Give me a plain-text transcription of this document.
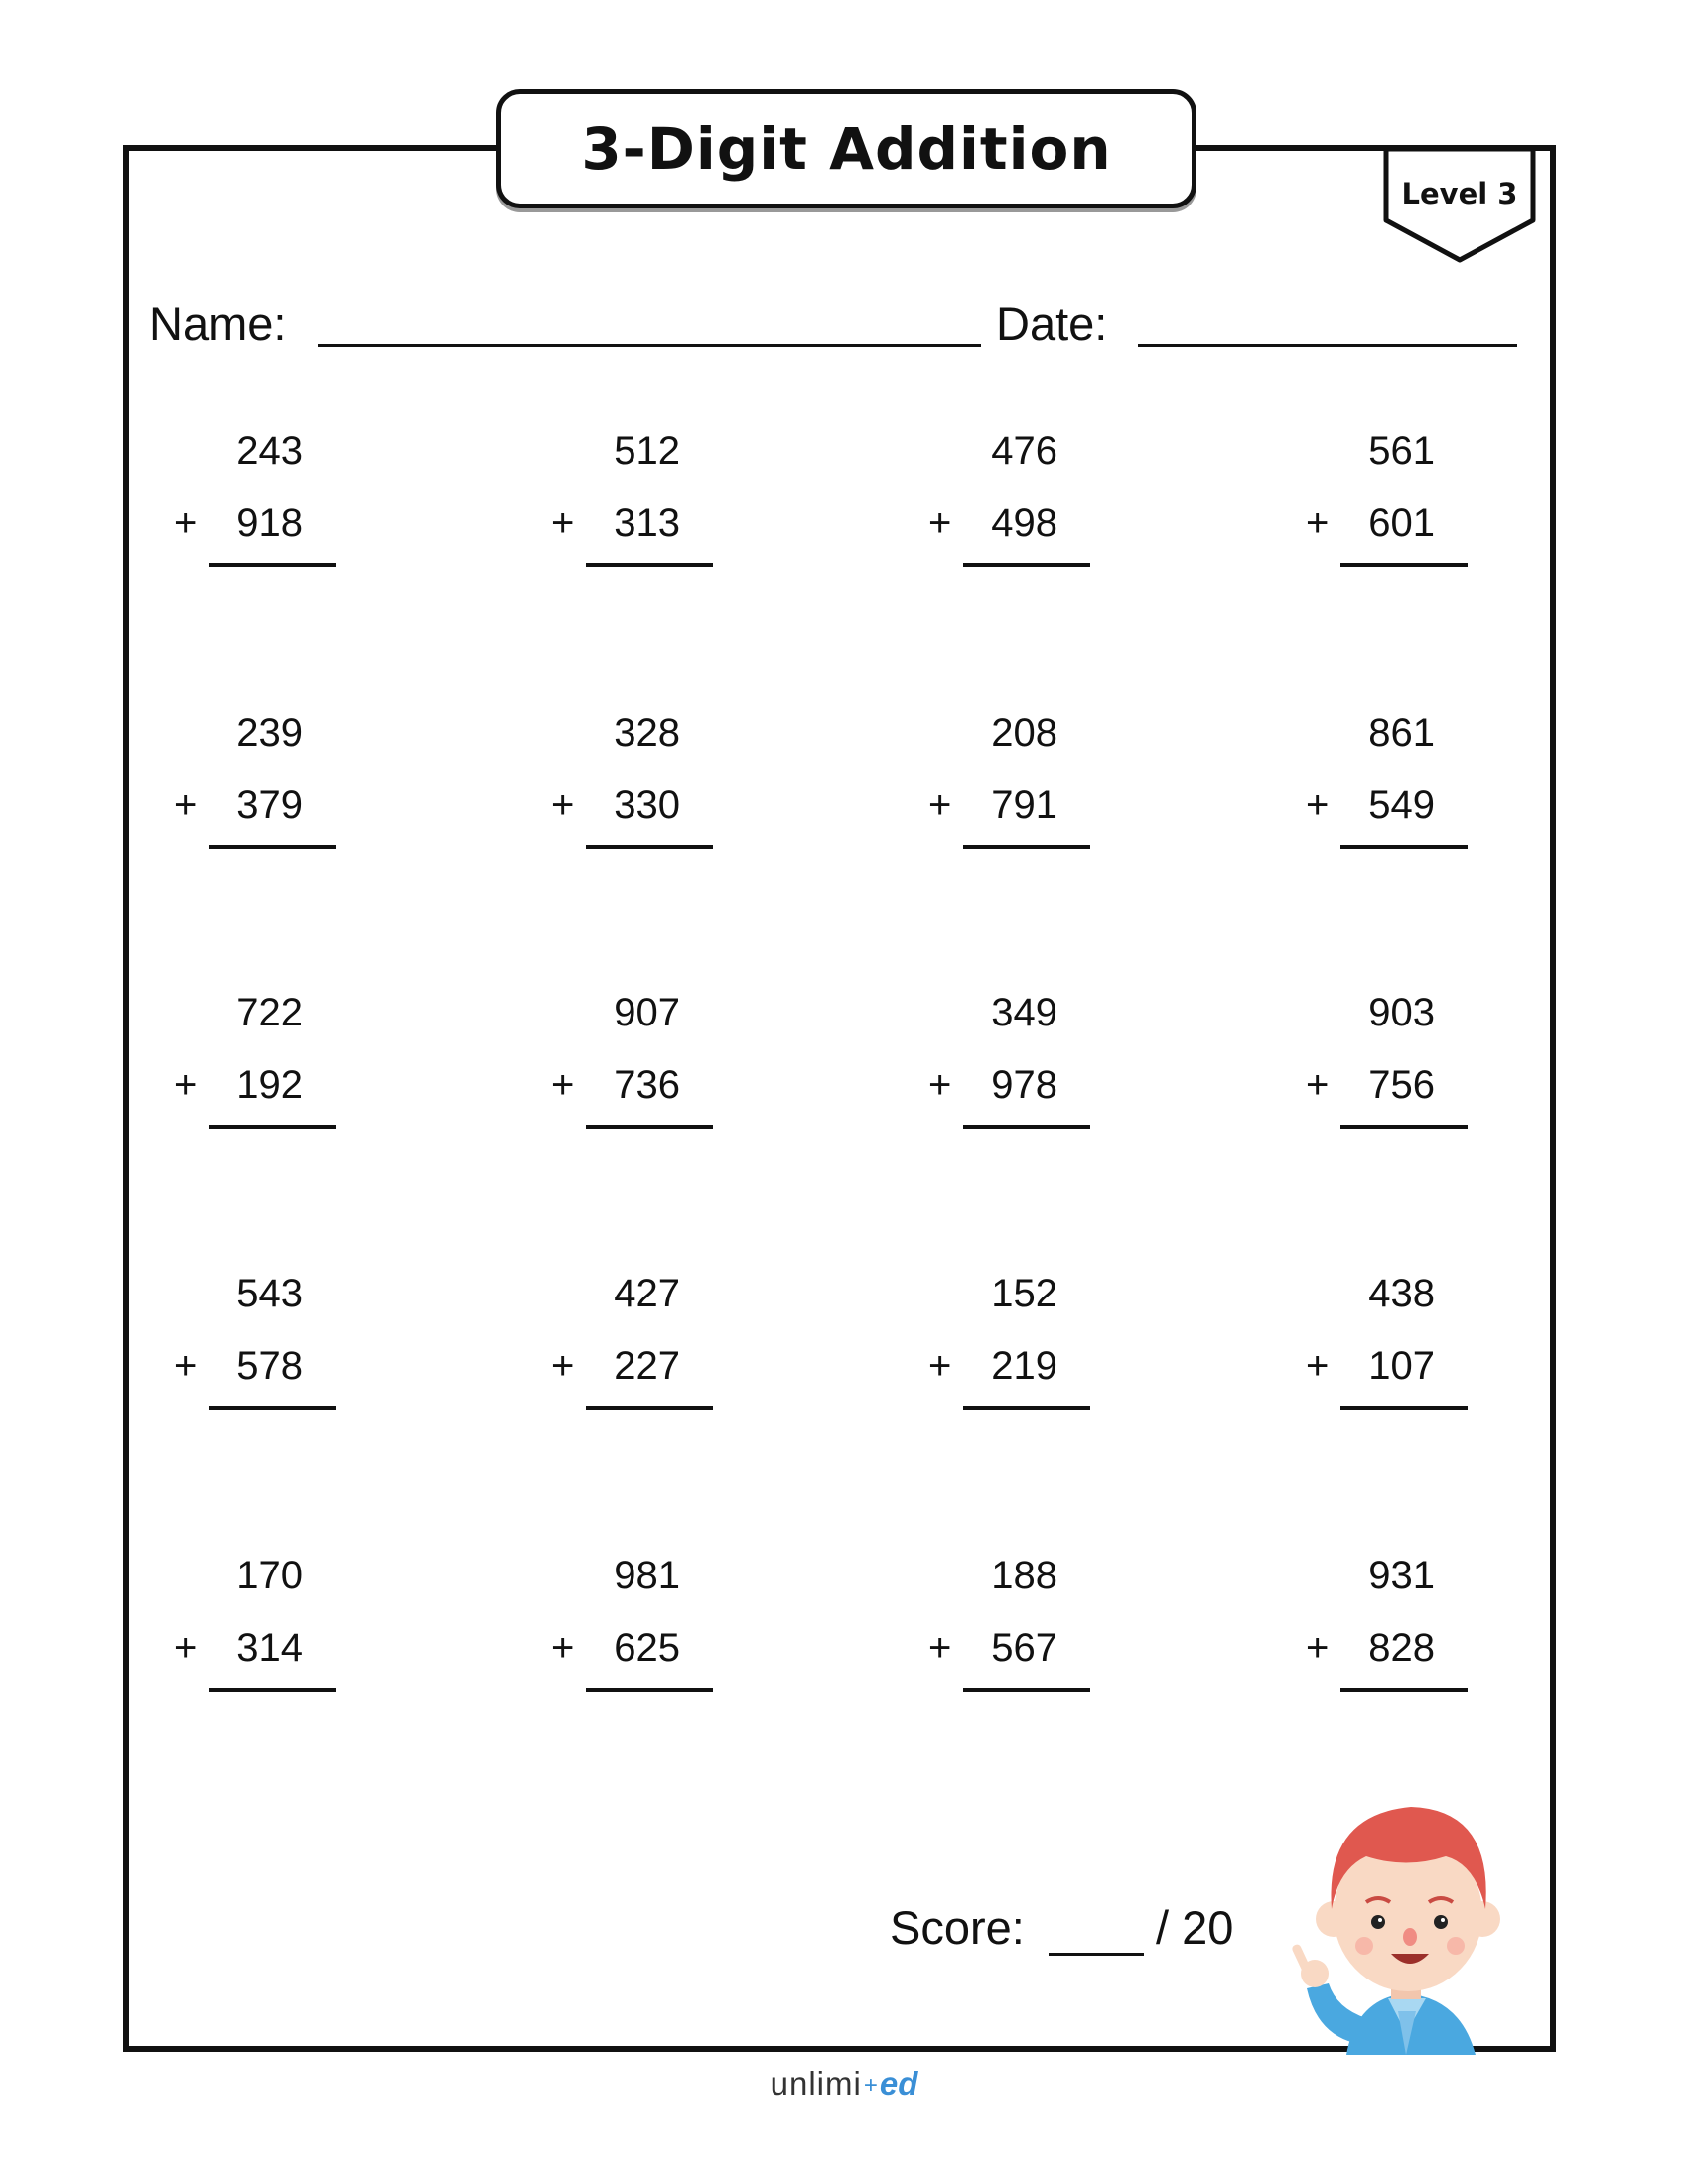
3-Digit Addition
Level 3
Name:	Date:
243
+ 918
512
+ 313
476
+ 498
561
+ 601
239
+ 379
328
+ 330
208
+ 791
861
+ 549
722
+ 192
907
+ 736
349
+ 978
903
+ 756
543
+ 578
427
+ 227
152
+ 219
438
+ 107
170
+ 314
981
+ 625
188
+ 567
931
+ 828
Score:	/ 20
unlimi+ed
